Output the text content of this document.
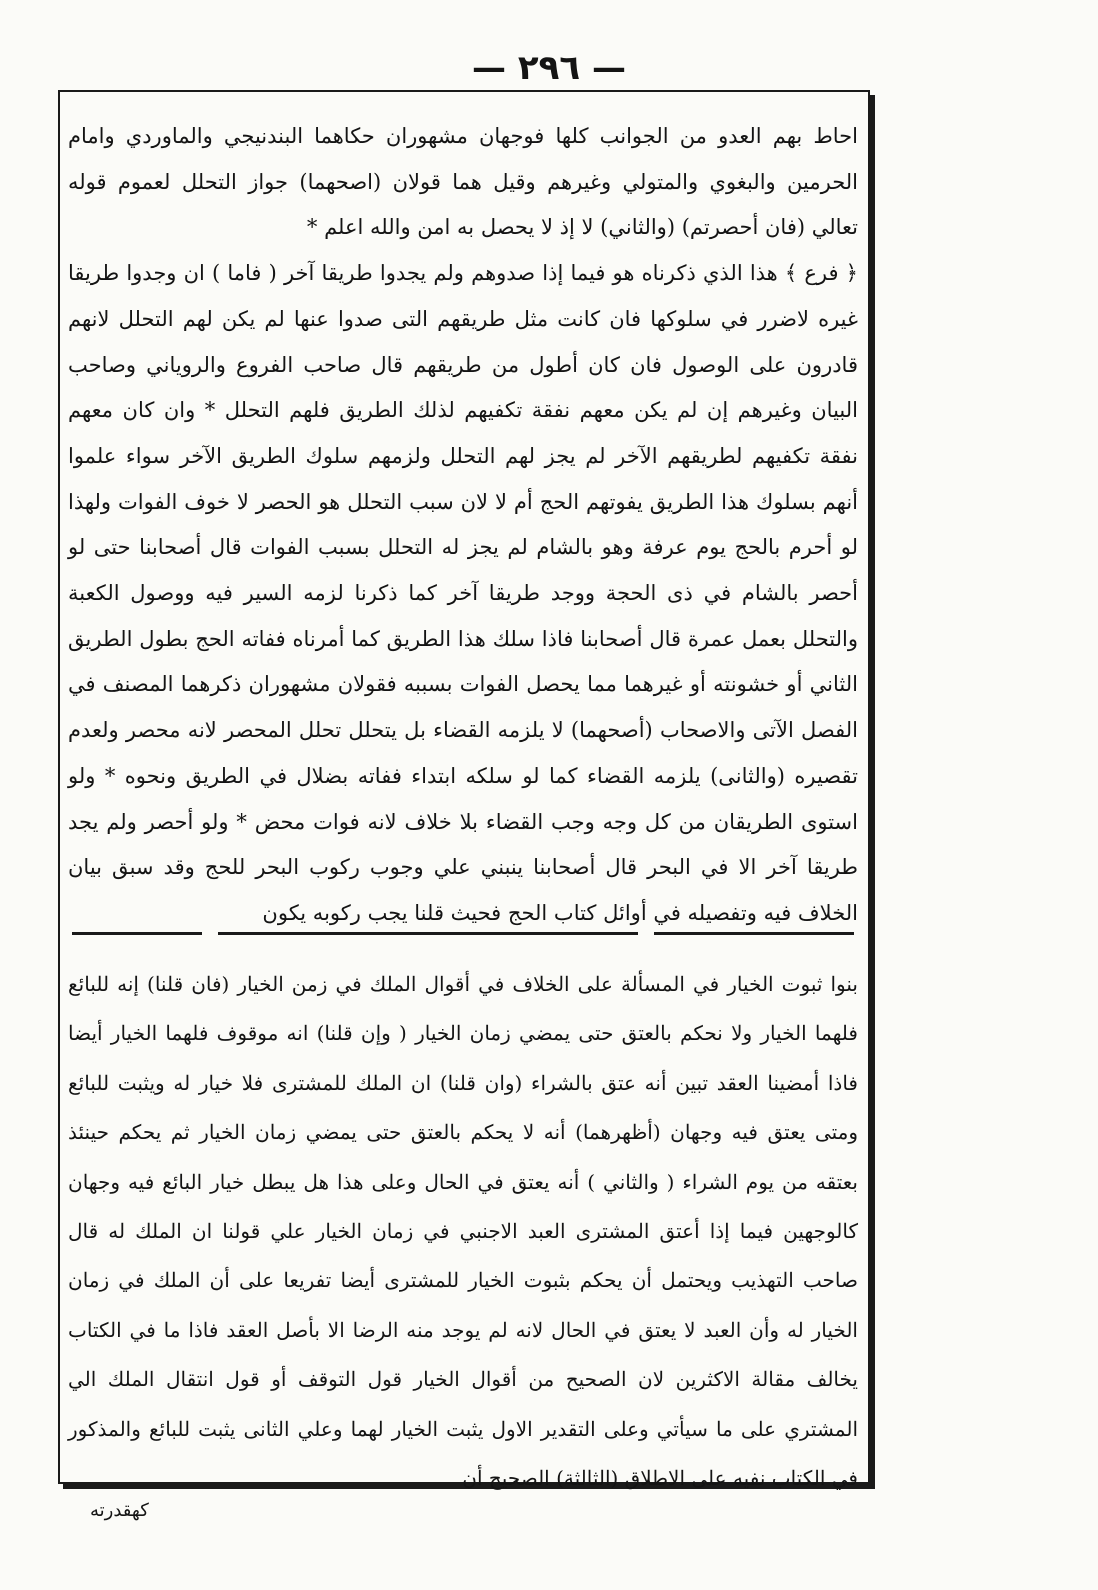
— ٢٩٦ —

احاط بهم العدو من الجوانب كلها فوجهان مشهوران حكاهما البندنيجي والماوردي وامام الحرمين والبغوي والمتولي وغيرهم وقيل هما قولان (اصحهما) جواز التحلل لعموم قوله تعالي (فان أحصرتم) (والثاني) لا إذ لا يحصل به امن والله اعلم *

﴿ فرع ﴾ هذا الذي ذكرناه هو فيما إذا صدوهم ولم يجدوا طريقا آخر ( فاما ) ان وجدوا طريقا غيره لاضرر في سلوكها فان كانت مثل طريقهم التى صدوا عنها لم يكن لهم التحلل لانهم قادرون على الوصول فان كان أطول من طريقهم قال صاحب الفروع والروياني وصاحب البيان وغيرهم إن لم يكن معهم نفقة تكفيهم لذلك الطريق فلهم التحلل * وان كان معهم نفقة تكفيهم لطريقهم الآخر لم يجز لهم التحلل ولزمهم سلوك الطريق الآخر سواء علموا أنهم بسلوك هذا الطريق يفوتهم الحج أم لا لان سبب التحلل هو الحصر لا خوف الفوات ولهذا لو أحرم بالحج يوم عرفة وهو بالشام لم يجز له التحلل بسبب الفوات قال أصحابنا حتى لو أحصر بالشام في ذى الحجة ووجد طريقا آخر كما ذكرنا لزمه السير فيه ووصول الكعبة والتحلل بعمل عمرة قال أصحابنا فاذا سلك هذا الطريق كما أمرناه ففاته الحج بطول الطريق الثاني أو خشونته أو غيرهما مما يحصل الفوات بسببه فقولان مشهوران ذكرهما المصنف في الفصل الآتى والاصحاب (أصحهما) لا يلزمه القضاء بل يتحلل تحلل المحصر لانه محصر ولعدم تقصيره (والثانى) يلزمه القضاء كما لو سلكه ابتداء ففاته بضلال في الطريق ونحوه * ولو استوى الطريقان من كل وجه وجب القضاء بلا خلاف لانه فوات محض * ولو أحصر ولم يجد طريقا آخر الا في البحر قال أصحابنا ينبني علي وجوب ركوب البحر للحج وقد سبق بيان الخلاف فيه وتفصيله في أوائل كتاب الحج فحيث قلنا يجب ركوبه يكون

بنوا ثبوت الخيار في المسألة على الخلاف في أقوال الملك في زمن الخيار (فان قلنا) إنه للبائع فلهما الخيار ولا نحكم بالعتق حتى يمضي زمان الخيار ( وإن قلنا) انه موقوف فلهما الخيار أيضا فاذا أمضينا العقد تبين أنه عتق بالشراء (وان قلنا) ان الملك للمشترى فلا خيار له ويثبت للبائع ومتى يعتق فيه وجهان (أظهرهما) أنه لا يحكم بالعتق حتى يمضي زمان الخيار ثم يحكم حينئذ بعتقه من يوم الشراء ( والثاني ) أنه يعتق في الحال وعلى هذا هل يبطل خيار البائع فيه وجهان كالوجهين فيما إذا أعتق المشترى العبد الاجنبي في زمان الخيار علي قولنا ان الملك له قال صاحب التهذيب ويحتمل أن يحكم بثبوت الخيار للمشترى أيضا تفريعا على أن الملك في زمان الخيار له وأن العبد لا يعتق في الحال لانه لم يوجد منه الرضا الا بأصل العقد فاذا ما في الكتاب يخالف مقالة الاكثرين لان الصحيح من أقوال الخيار قول التوقف أو قول انتقال الملك الي المشتري على ما سيأتي وعلى التقدير الاول يثبت الخيار لهما وعلي الثانى يثبت للبائع والمذكور في الكتاب نفيه على الاطلاق (الثالثة) الصحيح أن

كهقدرته
